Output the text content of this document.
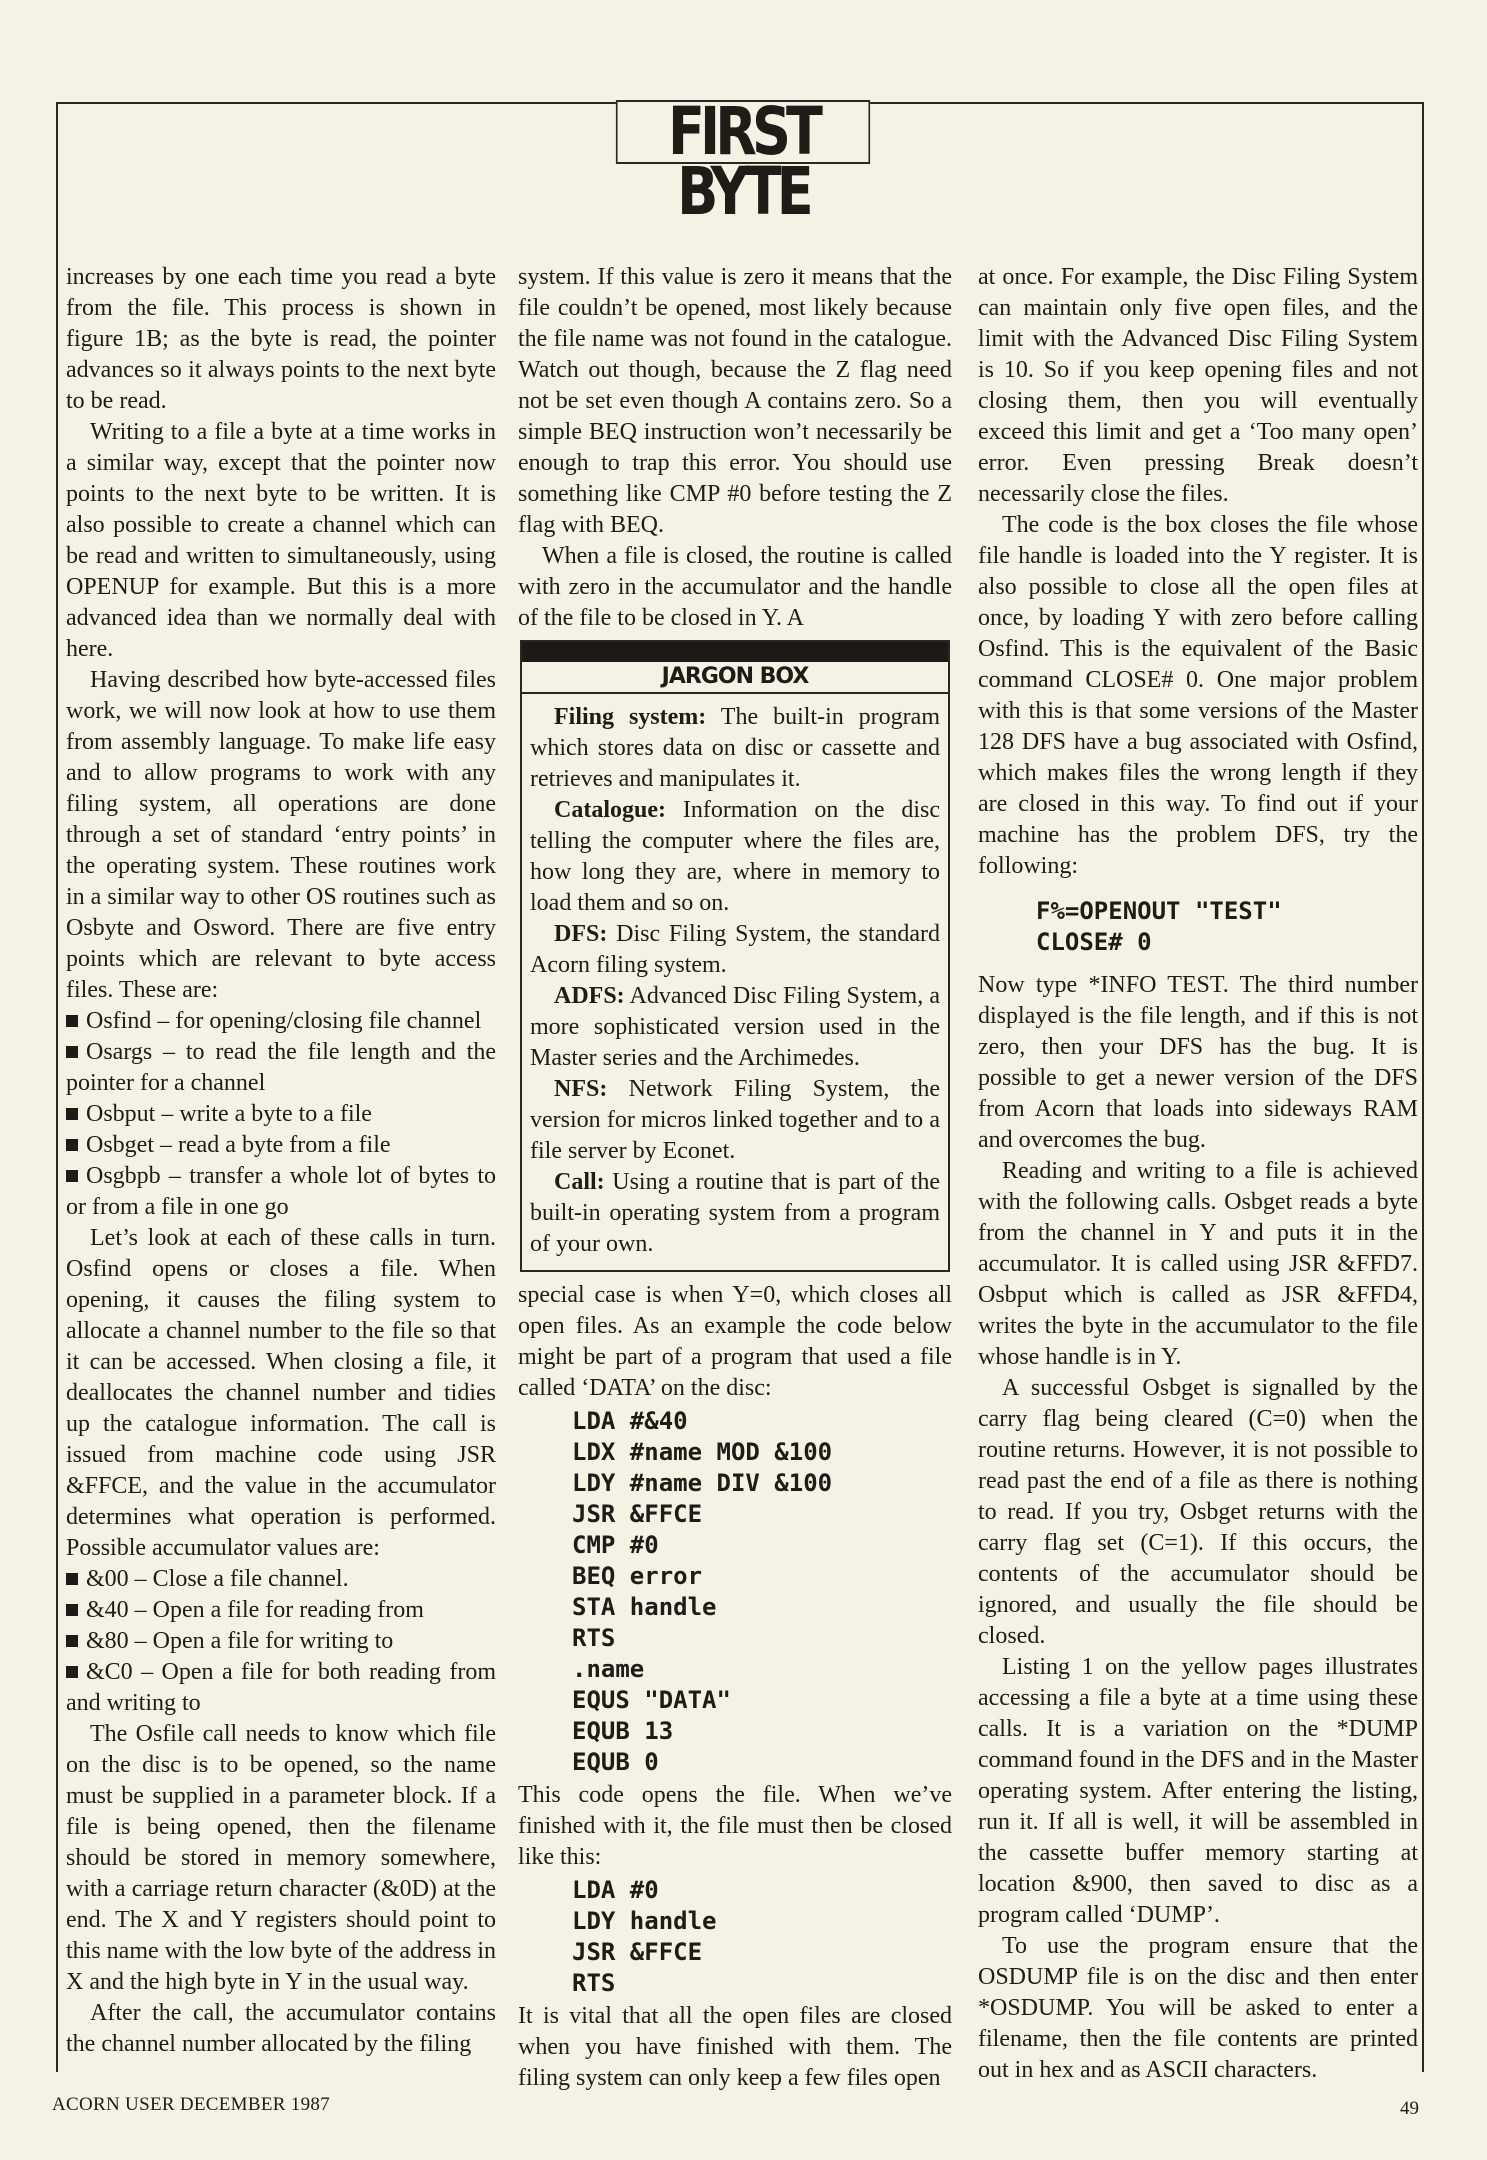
FIRST BYTE

increases by one each time you read a byte from the file. This process is shown in figure 1B; as the byte is read, the pointer advances so it always points to the next byte to be read.

Writing to a file a byte at a time works in a similar way, except that the pointer now points to the next byte to be written. It is also possible to create a channel which can be read and written to simultaneously, using OPENUP for example. But this is a more advanced idea than we normally deal with here.

Having described how byte-accessed files work, we will now look at how to use them from assembly language. To make life easy and to allow programs to work with any filing system, all operations are done through a set of standard ‘entry points’ in the operating system. These routines work in a similar way to other OS routines such as Osbyte and Osword. There are five entry points which are relevant to byte access files. These are:

Osfind – for opening/closing file channel

Osargs – to read the file length and the pointer for a channel

Osbput – write a byte to a file

Osbget – read a byte from a file

Osgbpb – transfer a whole lot of bytes to or from a file in one go

Let’s look at each of these calls in turn. Osfind opens or closes a file. When opening, it causes the filing system to allocate a channel number to the file so that it can be accessed. When closing a file, it deallocates the channel number and tidies up the catalogue information. The call is issued from machine code using JSR &FFCE, and the value in the accumulator determines what operation is performed. Possible accumulator values are:

&00 – Close a file channel.

&40 – Open a file for reading from

&80 – Open a file for writing to

&C0 – Open a file for both reading from and writing to

The Osfile call needs to know which file on the disc is to be opened, so the name must be supplied in a parameter block. If a file is being opened, then the filename should be stored in memory somewhere, with a carriage return character (&0D) at the end. The X and Y registers should point to this name with the low byte of the address in X and the high byte in Y in the usual way.

After the call, the accumulator contains the channel number allocated by the filing

system. If this value is zero it means that the file couldn’t be opened, most likely because the file name was not found in the catalogue. Watch out though, because the Z flag need not be set even though A contains zero. So a simple BEQ instruction won’t necessarily be enough to trap this error. You should use something like CMP #0 before testing the Z flag with BEQ.

When a file is closed, the routine is called with zero in the accumulator and the handle of the file to be closed in Y. A

JARGON BOX

Filing system: The built-in program which stores data on disc or cassette and retrieves and manipulates it.

Catalogue: Information on the disc telling the computer where the files are, how long they are, where in memory to load them and so on.

DFS: Disc Filing System, the standard Acorn filing system.

ADFS: Advanced Disc Filing System, a more sophisticated version used in the Master series and the Archimedes.

NFS: Network Filing System, the version for micros linked together and to a file server by Econet.

Call: Using a routine that is part of the built-in operating system from a program of your own.

special case is when Y=0, which closes all open files. As an example the code below might be part of a program that used a file called ‘DATA’ on the disc:

LDA #&40
LDX #name MOD &100
LDY #name DIV &100
JSR &FFCE
CMP #0
BEQ error
STA handle
RTS
.name
EQUS "DATA"
EQUB 13
EQUB 0

This code opens the file. When we’ve finished with it, the file must then be closed like this:

LDA #0
LDY handle
JSR &FFCE
RTS

It is vital that all the open files are closed when you have finished with them. The filing system can only keep a few files open

at once. For example, the Disc Filing System can maintain only five open files, and the limit with the Advanced Disc Filing System is 10. So if you keep opening files and not closing them, then you will eventually exceed this limit and get a ‘Too many open’ error. Even pressing Break doesn’t necessarily close the files.

The code is the box closes the file whose file handle is loaded into the Y register. It is also possible to close all the open files at once, by loading Y with zero before calling Osfind. This is the equivalent of the Basic command CLOSE# 0. One major problem with this is that some versions of the Master 128 DFS have a bug associated with Osfind, which makes files the wrong length if they are closed in this way. To find out if your machine has the problem DFS, try the following:

F%=OPENOUT "TEST"
CLOSE# 0

Now type *INFO TEST. The third number displayed is the file length, and if this is not zero, then your DFS has the bug. It is possible to get a newer version of the DFS from Acorn that loads into sideways RAM and overcomes the bug.

Reading and writing to a file is achieved with the following calls. Osbget reads a byte from the channel in Y and puts it in the accumulator. It is called using JSR &FFD7. Osbput which is called as JSR &FFD4, writes the byte in the accumulator to the file whose handle is in Y.

A successful Osbget is signalled by the carry flag being cleared (C=0) when the routine returns. However, it is not possible to read past the end of a file as there is nothing to read. If you try, Osbget returns with the carry flag set (C=1). If this occurs, the contents of the accumulator should be ignored, and usually the file should be closed.

Listing 1 on the yellow pages illustrates accessing a file a byte at a time using these calls. It is a variation on the *DUMP command found in the DFS and in the Master operating system. After entering the listing, run it. If all is well, it will be assembled in the cassette buffer memory starting at location &900, then saved to disc as a program called ‘DUMP’.

To use the program ensure that the OSDUMP file is on the disc and then enter *OSDUMP. You will be asked to enter a filename, then the file contents are printed out in hex and as ASCII characters.

ACORN USER DECEMBER 1987	49
